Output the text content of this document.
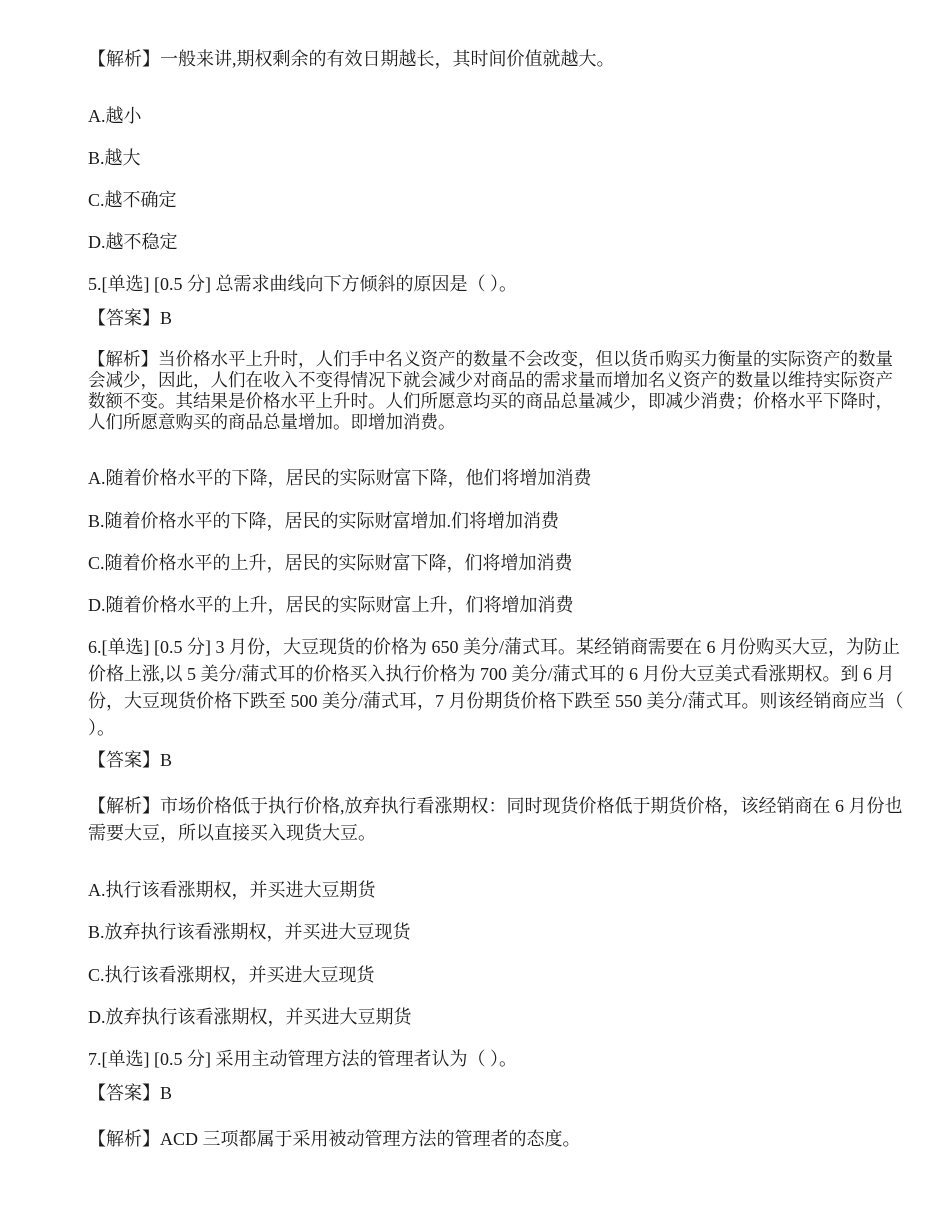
【解析】一般来讲,期权剩余的有效日期越长，其时间价值就越大。
A.越小
B.越大
C.越不确定
D.越不稳定
5.[单选] [0.5 分] 总需求曲线向下方倾斜的原因是（ ）。
【答案】B
【解析】当价格水平上升时，人们手中名义资产的数量不会改变，但以货币购买力衡量的实际资产的数量会减少，因此，人们在收入不变得情况下就会减少对商品的需求量而增加名义资产的数量以维持实际资产数额不变。其结果是价格水平上升时。人们所愿意均买的商品总量减少，即减少消费；价格水平下降时，人们所愿意购买的商品总量增加。即增加消费。
A.随着价格水平的下降，居民的实际财富下降，他们将增加消费
B.随着价格水平的下降，居民的实际财富增加.们将增加消费
C.随着价格水平的上升，居民的实际财富下降，们将增加消费
D.随着价格水平的上升，居民的实际财富上升，们将增加消费
6.[单选] [0.5 分] 3 月份，大豆现货的价格为 650 美分/蒲式耳。某经销商需要在 6 月份购买大豆，为防止价格上涨,以 5 美分/蒲式耳的价格买入执行价格为 700 美分/蒲式耳的 6 月份大豆美式看涨期权。到 6 月份，大豆现货价格下跌至 500 美分/蒲式耳，7 月份期货价格下跌至 550 美分/蒲式耳。则该经销商应当（ ）。
【答案】B
【解析】市场价格低于执行价格,放弃执行看涨期权：同时现货价格低于期货价格，该经销商在 6 月份也需要大豆，所以直接买入现货大豆。
A.执行该看涨期权，并买进大豆期货
B.放弃执行该看涨期权，并买进大豆现货
C.执行该看涨期权，并买进大豆现货
D.放弃执行该看涨期权，并买进大豆期货
7.[单选] [0.5 分] 采用主动管理方法的管理者认为（ ）。
【答案】B
【解析】ACD 三项都属于采用被动管理方法的管理者的态度。
